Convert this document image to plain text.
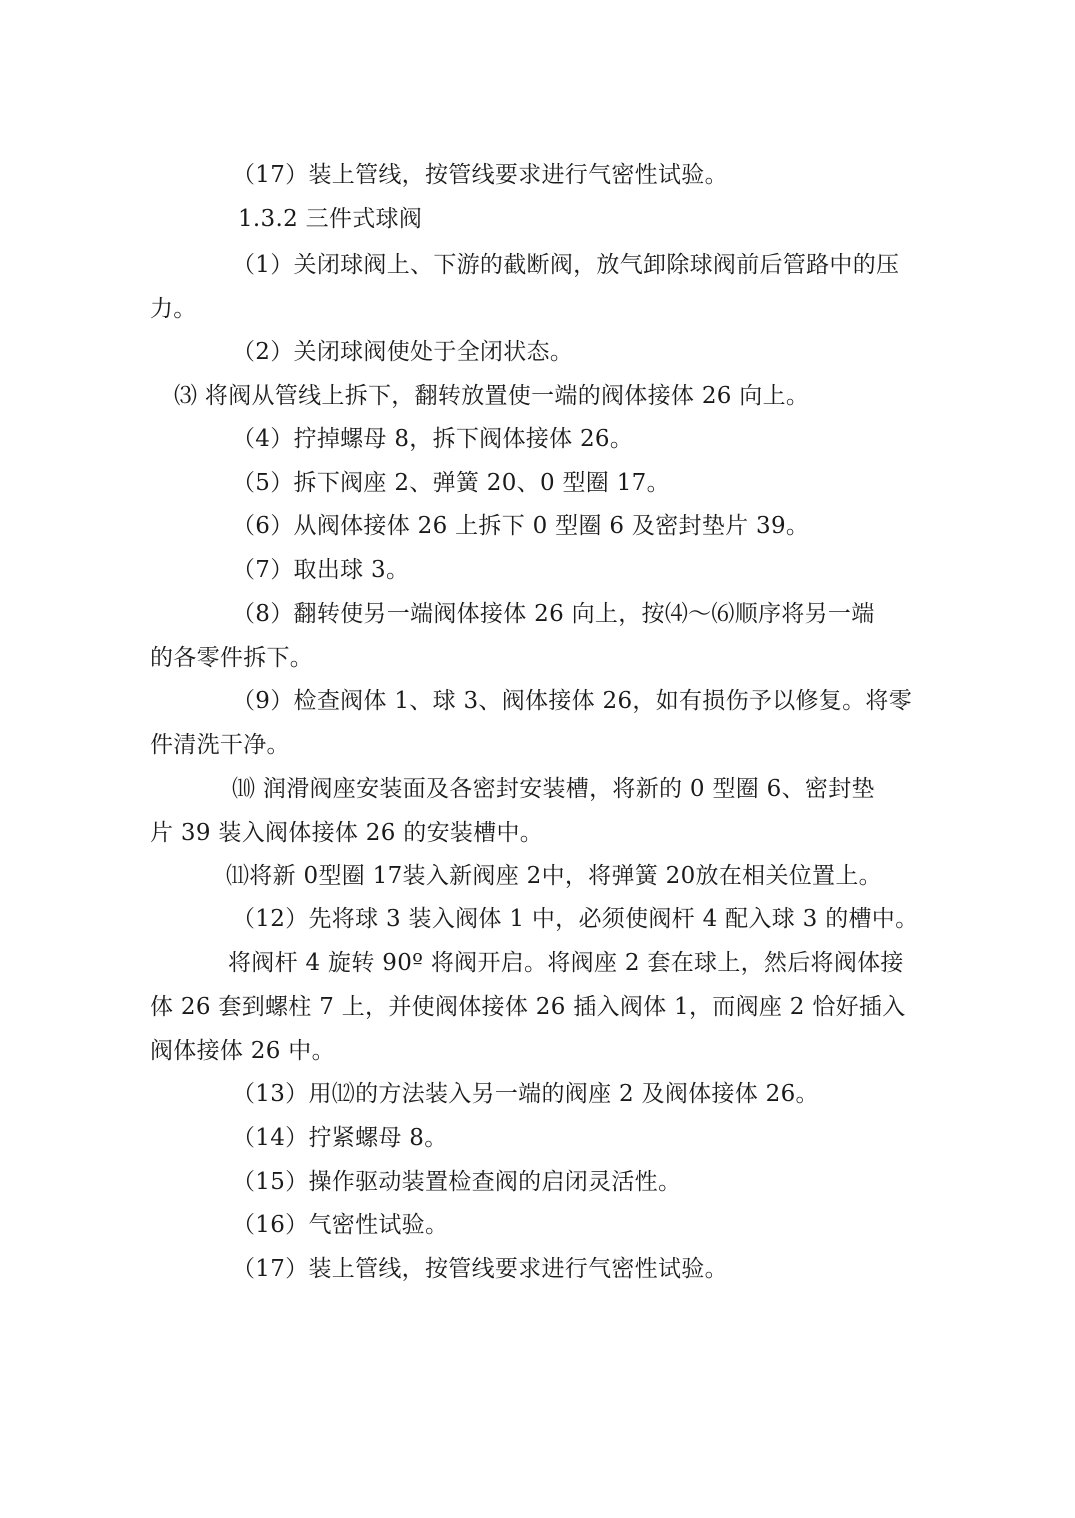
（17）装上管线，按管线要求进行气密性试验。
1.3.2 三件式球阀
（1）关闭球阀上、下游的截断阀，放气卸除球阀前后管路中的压
力。
（2）关闭球阀使处于全闭状态。
⑶ 将阀从管线上拆下，翻转放置使一端的阀体接体 26 向上。
（4）拧掉螺母 8，拆下阀体接体 26。
（5）拆下阀座 2、弹簧 20、0 型圈 17。
（6）从阀体接体 26 上拆下 0 型圈 6 及密封垫片 39。
（7）取出球 3。
（8）翻转使另一端阀体接体 26 向上，按⑷～⑹顺序将另一端
的各零件拆下。
（9）检查阀体 1、球 3、阀体接体 26，如有损伤予以修复。将零
件清洗干净。
⑽ 润滑阀座安装面及各密封安装槽，将新的 0 型圈 6、密封垫
片 39 装入阀体接体 26 的安装槽中。
⑾将新 0型圈 17装入新阀座 2中，将弹簧 20放在相关位置上。
（12）先将球 3 装入阀体 1 中，必须使阀杆 4 配入球 3 的槽中。
将阀杆 4 旋转 90º 将阀开启。将阀座 2 套在球上，然后将阀体接
体 26 套到螺柱 7 上，并使阀体接体 26 插入阀体 1，而阀座 2 恰好插入
阀体接体 26 中。
（13）用⑿的方法装入另一端的阀座 2 及阀体接体 26。
（14）拧紧螺母 8。
（15）操作驱动装置检查阀的启闭灵活性。
（16）气密性试验。
（17）装上管线，按管线要求进行气密性试验。
